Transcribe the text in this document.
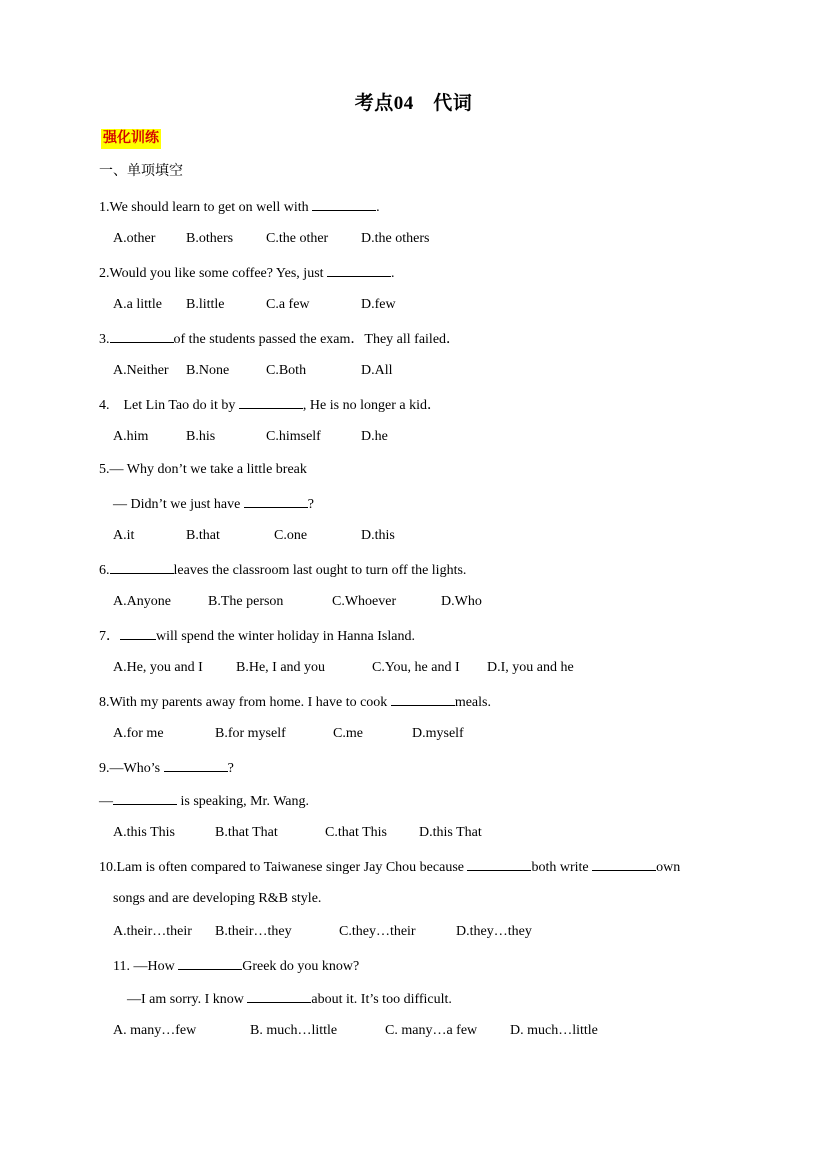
考点04　代词
强化训练
一、单项填空
1.We should learn to get on well with	.
A.other B.others C.the other D.the others
2.Would you like some coffee? Yes, just	.
A.a little B.little	C.a few	D.few
3.	of the students passed the exam．They all failed．
A.Neither B.None	C.Both	D.All
4.　Let Lin Tao do it by	, He is no longer a kid．
A.him	B.his	C.himself	D.he
5.— Why don’t we take a little break
— Didn’t we just have	?
A.it	B.that	C.one	D.this
6.	leaves the classroom last ought to turn off the lights.
A.Anyone	B.The person	C.Whoever	D.Who
7．	will spend the winter holiday in Hanna Island.
A.He, you and I B.He, I and you	C.You, he and I D.I, you and he
8.With my parents away from home. I have to cook	meals.
A.for me	B.for myself	C.me	D.myself
9.—Who’s	?
—	is speaking, Mr. Wang.
A.this This	B.that That	C.that This D.this That
10.Lam is often compared to Taiwanese singer Jay Chou because	both write	own
songs and are developing R&B style.
A.their…their B.their…they	C.they…their	D.they…they
11. —How	Greek do you know?
—I am sorry. I know	about it. It’s too difficult.
A. many…few	B. much…little	C. many…a few D. much…little
